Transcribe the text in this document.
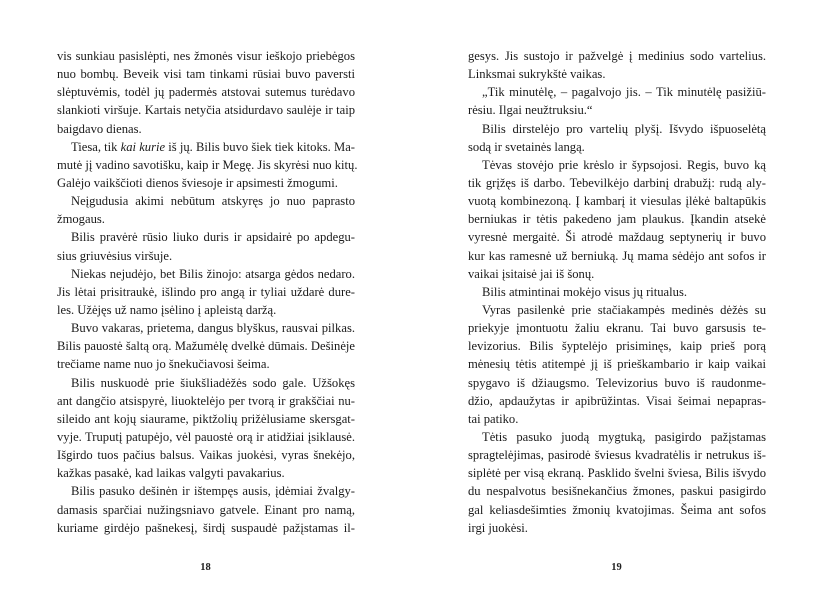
vis sunkiau pasislėpti, nes žmonės visur ieškojo priebėgos
nuo bombų. Beveik visi tam tinkami rūsiai buvo paversti
slėptuvėmis, todėl jų padermės atstovai sutemus turėdavo
slankioti viršuje. Kartais netyčia atsidurdavo saulėje ir taip
baigdavo dienas.
Tiesa, tik kai kurie iš jų. Bilis buvo šiek tiek kitoks. Ma-
mutė jį vadino savotišku, kaip ir Megę. Jis skyrėsi nuo kitų.
Galėjo vaikščioti dienos šviesoje ir apsimesti žmogumi.
Neįgudusia akimi nebūtum atskyręs jo nuo paprasto
žmogaus.
Bilis pravėrė rūsio liuko duris ir apsidairė po apdegu-
sius griuvėsius viršuje.
Niekas nejudėjo, bet Bilis žinojo: atsarga gėdos nedaro.
Jis lėtai prisitraukė, išlindo pro angą ir tyliai uždarė dure-
les. Užėjęs už namo įsėlino į apleistą daržą.
Buvo vakaras, prietema, dangus blyškus, rausvai pilkas.
Bilis pauostė šaltą orą. Mažumėlę dvelkė dūmais. Dešinėje
trečiame name nuo jo šnekučiavosi šeima.
Bilis nuskuodė prie šiukšliadėžės sodo gale. Užšokęs
ant dangčio atsispyrė, liuoktelėjo per tvorą ir grakščiai nu-
sileido ant kojų siaurame, piktžolių prižėlusiame skersgat-
vyje. Truputį patupėjo, vėl pauostė orą ir atidžiai įsiklausė.
Išgirdo tuos pačius balsus. Vaikas juokėsi, vyras šnekėjo,
kažkas pasakė, kad laikas valgyti pavakarius.
Bilis pasuko dešinėn ir ištempęs ausis, įdėmiai žvalgy-
damasis sparčiai nužingsniavo gatvele. Einant pro namą,
kuriame girdėjo pašnekesį, širdį suspaudė pažįstamas il-
18
gesys. Jis sustojo ir pažvelgė į medinius sodo vartelius.
Linksmai sukrykštė vaikas.
„Tik minutėlę, – pagalvojo jis. – Tik minutėlę pasižiū-
rėsiu. Ilgai neužtruksiu.“
Bilis dirstelėjo pro vartelių plyšį. Išvydo išpuoselėtą
sodą ir svetainės langą.
Tėvas stovėjo prie krėslo ir šypsojosi. Regis, buvo ką
tik grįžęs iš darbo. Tebevilkėjo darbinį drabužį: rudą aly-
vuotą kombinezoną. Į kambarį it viesulas įlėkė baltapūkis
berniukas ir tėtis pakedeno jam plaukus. Įkandin atsekė
vyresnė mergaitė. Ši atrodė maždaug septynerių ir buvo
kur kas ramesnė už berniuką. Jų mama sėdėjo ant sofos ir
vaikai įsitaisė jai iš šonų.
Bilis atmintinai mokėjo visus jų ritualus.
Vyras pasilenkė prie stačiakampės medinės dėžės su
priekyje įmontuotu žaliu ekranu. Tai buvo garsusis te-
levizorius. Bilis šyptelėjo prisiminęs, kaip prieš porą
mėnesių tėtis atitempė jį iš prieškambario ir kaip vaikai
spygavo iš džiaugsmo. Televizorius buvo iš raudonme-
džio, apdaužytas ir apibrūžintas. Visai šeimai nepapras-
tai patiko.
Tėtis pasuko juodą mygtuką, pasigirdo pažįstamas
spragtelėjimas, pasirodė šviesus kvadratėlis ir netrukus iš-
siplėtė per visą ekraną. Pasklido švelni šviesa, Bilis išvydo
du nespalvotus besišnekančius žmones, paskui pasigirdo
gal keliasdešimties žmonių kvatojimas. Šeima ant sofos
irgi juokėsi.
19
